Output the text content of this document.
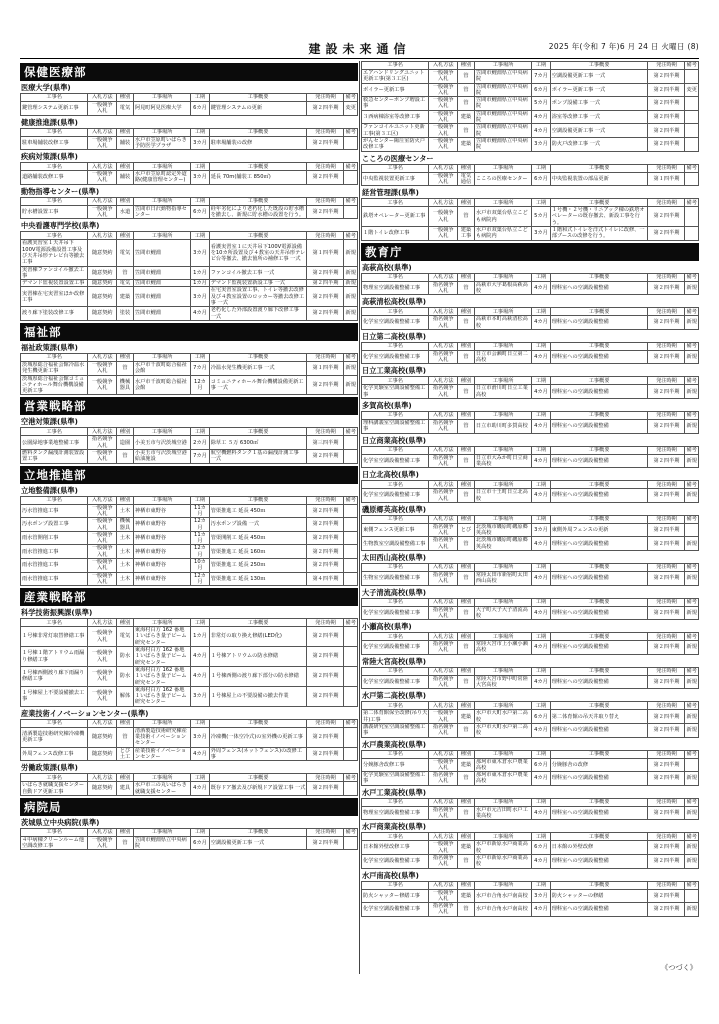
建設未来通信	2025 年(令和 7 年)6 月 24 日 火曜日 (8)
保健医療部
医療大学(県準)
工事名	入札方法	種別	工事場所	工期	工事概要	発注時期	備考
鍵管理システム更新工事	一般競争入札	電気	阿見町阿見医療大学	6カ月	鍵管理システムの更新	第２四半期	変更
健康推進課(県準)
工事名	入札方法	種別	工事場所	工期	工事概要	発注時期	備考
駐車場舗装改修工事	一般競争入札	舗装	水戸市笠原町いばらき予防医学プラザ	3カ月	駐車場舗装の改修	第２四半期	
疾病対策課(県準)
工事名	入札方法	種別	工事場所	工期	工事概要	発注時期	備考
道路舗装改修工事	一般競争入札	舗装	水戸市笠原町認定外道路(健康管理センター)	3カ月	延長 70m(舗装工 850㎡)	第２四半期	
動物指導センター(県準)
工事名	入札方法	種別	工事場所	工期	工事概要	発注時期	備考
貯水槽設置工事	一般競争入札	水道	笠間市日沢動物指導センター	6カ月	経年劣化により老朽化した既設の貯水槽を撤去し、新規に貯水槽の設置を行う。	第２四半期	
中央看護専門学校(県準)
工事名	入札方法	種別	工事場所	工期	工事概要	発注時期	備考
看護実習室１天井吊下100V電源設備設置工事及び天井吊形テレビ台等撤去工事	随意契約	電気	笠間市鯉淵	3カ月	看護実習室１に天井吊下100V電源設備を10カ所設置及び４教室の天井吊形テレビ台等撤去、撤去箇所の補修工事 一式	第１四半期	新規
実習棟ファンコイル撤去工事	随意契約	管	笠間市鯉淵	1カ月	ファンコイル撤去工事 一式	第２四半期	新規
デマンド監視装置設置工事	随意契約	電気	笠間市鯉淵	1カ月	デマンド監視装置新設工事 一式	第２四半期	新規
実習棟在宅実習室ほか改修工事	随意契約	建築	笠間市鯉淵	3カ月	在宅実習室設置工事、トイレ等撤去改修及び４教室設置のロッカー等撤去改修工事 一式	第２四半期	新規
渡り廊下塗装改修工事	随意契約	塗装	笠間市鯉淵	4カ月	老朽化した外部設置渡り廊下改修工事 一式	第２四半期	新規
福祉部
福祉政策課(県準)
工事名	入札方法	種別	工事場所	工期	工事概要	発注時期	備考
茨城県総合福祉会館冷温水発生機更新工事	一般競争入札	管	水戸市千波町総合福祉会館	7カ月	冷温水発生機更新工事 一式	第１四半期	新規
茨城県総合福祉会館コミュニティホール舞台機構設備更新工事	一般競争入札	機械器具	水戸市千波町総合福祉会館	12カ月	コミュニティホール舞台機構設備更新工事 一式	第２四半期	新規
営業戦略部
空港対策課(県準)
工事名	入札方法	種別	工事場所	工期	工事概要	発注時期	備考
公園緑地事業地整備工事	指名競争入札	造園	小美玉市与沢茨城空港	2カ月	除草工 ５万 6300㎡	第三四半期	
燃料タンク漏洩計測装置設置工事	一般競争入札	管	小美玉市与沢茨城空港給油施設	7カ月	航空機燃料タンク１基の漏洩計測工事 一式	第２四半期	
立地推進部
立地整備課(県準)
工事名	入札方法	種別	工事場所	工期	工事概要	発注時期	備考
汚水管推進工事	一般競争入札	土木	神栖市東野谷	11カ月	管渠推進工 延長 450ｍ	第２四半期	
汚水ポンプ設置工事	一般競争入札	機械器具	神栖市東野谷	12カ月	汚水ポンプ設備 一式	第２四半期	
雨水管開削工事	一般競争入札	土木	神栖市東野谷	11カ月	管渠開削工 延長 450ｍ	第２四半期	
雨水管推進工事	一般競争入札	土木	神栖市東野谷	12カ月	管渠推進工 延長 160ｍ	第２四半期	
雨水管推進工事	一般競争入札	土木	神栖市東野谷	10カ月	管渠推進工 延長 250ｍ	第２四半期	
雨水管推進工事	一般競争入札	土木	神栖市東野谷	12カ月	管渠推進工 延長 130ｍ	第４四半期	
産業戦略部
科学技術振興課(県準)
工事名	入札方法	種別	工事場所	工期	工事概要	発注時期	備考
１号棟非常灯取替修繕工事	一般競争入札	電気	東海村白方 162 番地１いばらき量子ビーム研究センター	1カ月	非常灯の取り換え修繕(LED化)	第２四半期	
１号棟１階アトリウム雨漏り修繕工事	一般競争入札	防水	東海村白方 162 番地１いばらき量子ビーム研究センター	4カ月	１号棟アトリウムの防水修繕	第２四半期	
１号棟西側渡り廊下雨漏り修繕工事	一般競争入札	防水	東海村白方 162 番地１いばらき量子ビーム研究センター	4カ月	１号棟西側の渡り廊下部分の防水修繕	第２四半期	
１号棟屋上不要設備撤去工事	一般競争入札	解体	東海村白方 162 番地１いばらき量子ビーム研究センター	3カ月	１号棟屋上の不要設備の撤去作業	第２四半期	
産業技術イノベーションセンター(県準)
工事名	入札方法	種別	工事場所	工期	工事概要	発注時期	備考
清酒製造技術研究棟冷凍機更新工事	随意契約	管	清酒製造技術研究棟産業技術イノベーションセンター	3カ月	冷凍機(一体空冷式)の室外機の更新工事	第２四半期	
外周フェンス改修工事	随意契約	とび土工	産業技術イノベーションセンター	4カ月	外周フェンス(ネットフェンス)の改修工事	第２四半期	
労働政策課(県準)
工事名	入札方法	種別	工事場所	工期	工事概要	発注時期	備考
いばらき就職支援センター自動ドア更新工事	随意契約	建具	水戸市三の丸いばらき就職支援センター	4カ月	既存ドア撤去及び新規ドア設置工事 一式	第２四半期	
病院局
茨城県立中央病院(県準)
工事名	入札方法	種別	工事場所	工期	工事概要	発注時期	備考
４中病棟クリーンルーム他空調改修工事	一般競争入札	管	笠間市鯉淵県立中央病院	6カ月	空調設備更新工事 一式	第２四半期	
工事名	入札方法	種別	工事場所	工期	工事概要	発注時期	備考
エアハンドリングユニット更新工事(第３工区)	一般競争入札	管	笠間市鯉淵県立中央病院	7カ月	空調設備更新工事 一式	第２四半期	
ボイラー更新工事	一般競争入札	管	笠間市鯉淵県立中央病院	6カ月	ボイラー更新工事 一式	第２四半期	変更
救急センターポンプ増設工事	一般競争入札	管	笠間市鯉淵県立中央病院	5カ月	ポンプ設備工事 一式	第２四半期	
３西病棟浴室等改修工事	一般競争入札	建築	笠間市鯉淵県立中央病院	4カ月	浴室等改修工事 一式	第２四半期	
ファンコイルユニット更新工事(第３工区)	一般競争入札	管	笠間市鯉淵県立中央病院	4カ月	空調設備更新工事 一式	第２四半期	
がんセンター陽圧室防火戸改修工事	一般競争入札	建築	笠間市鯉淵県立中央病院	3カ月	防火戸改修工事 一式	第２四半期	
こころの医療センター
工事名	入札方法	種別	工事場所	工期	工事概要	発注時期	備考
中央監視装置更新工事	一般競争入札	電気通信	こころの医療センター	6カ月	中央監視装置の部品更新	第１四半期	
経営管理課(県準)
工事名	入札方法	種別	工事場所	工期	工事概要	発注時期	備考
鉄塔オペレーター更新工事	一般競争入札	管	水戸市双葉台県立こども病院内	5カ月	１号機・２号機・リニアック棟の鉄塔オペレーターの既存撤去、新設工事を行う。	第２四半期	
１階トイレ改修工事	一般競争入札	建築工事	水戸市双葉台県立こども病院内	3カ月	１階和式トイレを洋式トイレに改修、一部ブースの改修を行う。	第２四半期	
教育庁
高萩高校(県準)
工事名	入札方法	種別	工事場所	工期	工事概要	発注時期	備考
物理室空調設備整備工事	指名競争入札	管	高萩市大字葛根高萩高校	4カ月	理科室への空調設備整備	第２四半期	新規
高萩清松高校(県準)
工事名	入札方法	種別	工事場所	工期	工事概要	発注時期	備考
化学室空調設備整備工事	指名競争入札	管	高萩市本町高萩清松高校	4カ月	理科室への空調設備整備	第２四半期	新規
日立第二高校(県準)
工事名	入札方法	種別	工事場所	工期	工事概要	発注時期	備考
化学室空調設備整備工事	指名競争入札	管	日立市会瀬町日立第二高校	4カ月	理科室への空調設備整備	第２四半期	新規
日立工業高校(県準)
工事名	入札方法	種別	工事場所	工期	工事概要	発注時期	備考
化学実験室空調設備整備工事	指名競争入札	管	日立市滑川町日立工業高校	4カ月	理科室への空調設備整備	第２四半期	新規
多賀高校(県準)
工事名	入札方法	種別	工事場所	工期	工事概要	発注時期	備考
理科講義室空調設備整備工事	指名競争入札	管	日立市助川町多賀高校	4カ月	理科室への空調設備整備	第２四半期	新規
日立商業高校(県準)
工事名	入札方法	種別	工事場所	工期	工事概要	発注時期	備考
化学室空調設備整備工事	指名競争入札	管	日立市大みか町日立商業高校	4カ月	理科室への空調設備整備	第２四半期	新規
日立北高校(県準)
工事名	入札方法	種別	工事場所	工期	工事概要	発注時期	備考
化学室空調設備整備工事	指名競争入札	管	日立市十王町日立北高校	4カ月	理科室への空調設備整備	第２四半期	新規
磯原郷英高校(県準)
工事名	入札方法	種別	工事場所	工期	工事概要	発注時期	備考
東側フェンス更新工事	指名競争入札	とび	北茨城市磯原町磯原郷英高校	3カ月	東側外周フェンスの更新	第２四半期	
生物教室空調設備整備工事	指名競争入札	管	北茨城市磯原町磯原郷英高校	4カ月	理科室への空調設備整備	第２四半期	新規
太田西山高校(県準)
工事名	入札方法	種別	工事場所	工期	工事概要	発注時期	備考
生物室空調設備整備工事	指名競争入札	管	常陸太田市新宿町太田西山高校	4カ月	理科室への空調設備整備	第２四半期	新規
大子清流高校(県準)
工事名	入札方法	種別	工事場所	工期	工事概要	発注時期	備考
化学室空調設備整備工事	指名競争入札	管	大子町大子大子清流高校	4カ月	理科室への空調設備整備	第２四半期	新規
小瀬高校(県準)
工事名	入札方法	種別	工事場所	工期	工事概要	発注時期	備考
化学室空調設備整備工事	指名競争入札	管	常陸大宮市上小瀬小瀬高校	4カ月	理科室への空調設備整備	第２四半期	新規
常陸大宮高校(県準)
工事名	入札方法	種別	工事場所	工期	工事概要	発注時期	備考
化学室空調設備整備工事	指名競争入札	管	常陸大宮市野中町常陸大宮高校	4カ月	理科室への空調設備整備	第２四半期	新規
水戸第二高校(県準)
工事名	入札方法	種別	工事場所	工期	工事概要	発注時期	備考
第二体育館保全改修(吊り天井)工事	一般競争入札	建築	水戸市大町水戸第二高校	6カ月	第二体育館の吊天井取り替え	第２四半期	新規
講義研究室空調設備整備工事	指名競争入札	管	水戸市大町水戸第二高校	4カ月	理科室への空調設備整備	第２四半期	新規
水戸農業高校(県準)
工事名	入札方法	種別	工事場所	工期	工事概要	発注時期	備考
分娩豚舎改修工事	一般競争入札	建築	那珂市東木倉水戸農業高校	6カ月	分娩豚舎の改修	第２四半期	
化学実験室空調設備整備工事	指名競争入札	管	那珂市東木倉水戸農業高校	4カ月	理科室への空調設備整備	第２四半期	新規
水戸工業高校(県準)
工事名	入札方法	種別	工事場所	工期	工事概要	発注時期	備考
物理室空調設備整備工事	指名競争入札	管	水戸市元吉田町水戸工業高校	4カ月	理科室への空調設備整備	第２四半期	新規
水戸商業高校(県準)
工事名	入札方法	種別	工事場所	工期	工事概要	発注時期	備考
日本館外壁改修工事	一般競争入札	建築	水戸市新原水戸商業高校	6カ月	日本館の外壁改修	第２四半期	新規
化学室空調設備整備工事	指名競争入札	管	水戸市新原水戸商業高校	4カ月	理科室への空調設備整備	第２四半期	新規
水戸南高校(県準)
工事名	入札方法	種別	工事場所	工期	工事概要	発注時期	備考
防火シャッター修繕工事	一般競争入札	建築	水戸市合角水戸南高校	3カ月	防火シャッターの修繕	第２四半期	
化学室空調設備整備工事	指名競争入札	管	水戸市合角水戸南高校	4カ月	理科室への空調設備整備	第２四半期	新規
《つづく》
